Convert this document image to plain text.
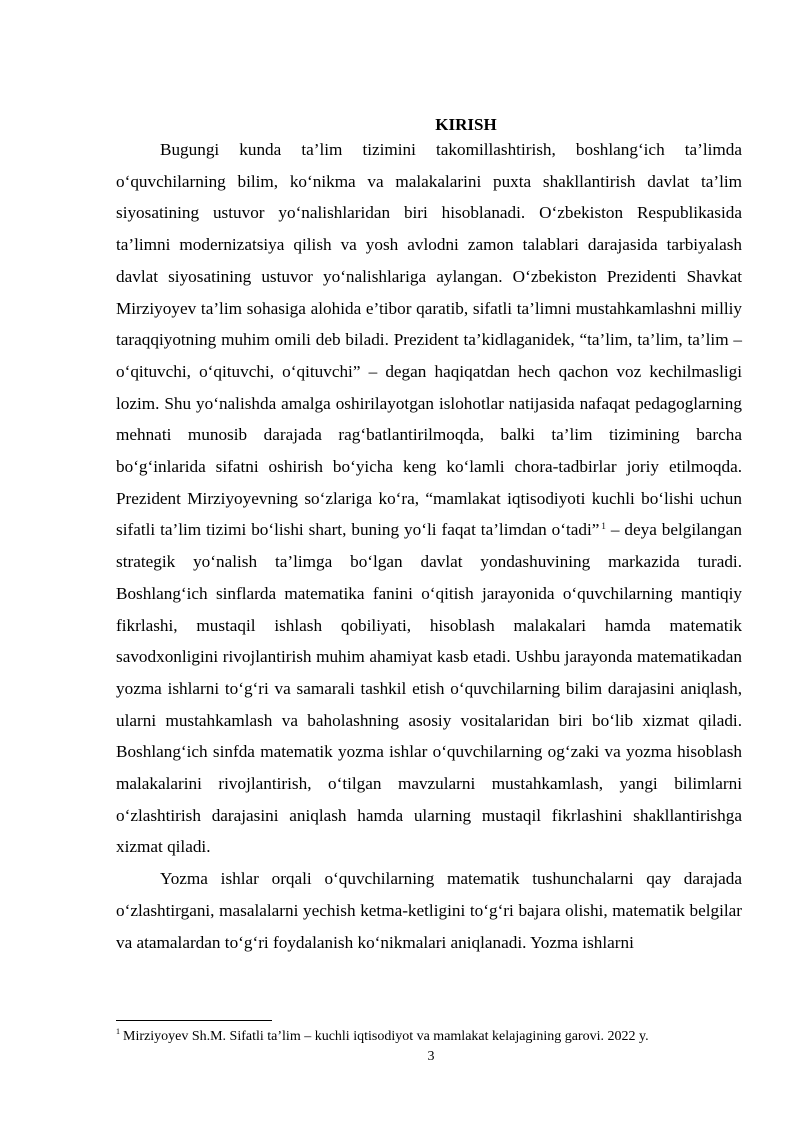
KIRISH

Bugungi kunda ta’lim tizimini takomillashtirish, boshlang‘ich ta’limda o‘quvchilarning bilim, ko‘nikma va malakalarini puxta shakllantirish davlat ta’lim siyosatining ustuvor yo‘nalishlaridan biri hisoblanadi. O‘zbekiston Respublikasida ta’limni modernizatsiya qilish va yosh avlodni zamon talablari darajasida tarbiyalash davlat siyosatining ustuvor yo‘nalishlariga aylangan. O‘zbekiston Prezidenti Shavkat Mirziyoyev ta’lim sohasiga alohida e’tibor qaratib, sifatli ta’limni mustahkamlashni milliy taraqqiyotning muhim omili deb biladi. Prezident ta’kidlaganidek, “ta’lim, ta’lim, ta’lim – o‘qituvchi, o‘qituvchi, o‘qituvchi” – degan haqiqatdan hech qachon voz kechilmasligi lozim. Shu yo‘nalishda amalga oshirilayotgan islohotlar natijasida nafaqat pedagoglarning mehnati munosib darajada rag‘batlantirilmoqda, balki ta’lim tizimining barcha bo‘g‘inlarida sifatni oshirish bo‘yicha keng ko‘lamli chora-tadbirlar joriy etilmoqda. Prezident Mirziyoyevning so‘zlariga ko‘ra, “mamlakat iqtisodiyoti kuchli bo‘lishi uchun sifatli ta’lim tizimi bo‘lishi shart, buning yo‘li faqat ta’limdan o‘tadi” $^1$ – deya belgilangan strategik yo‘nalish ta’limga bo‘lgan davlat yondashuvining markazida turadi. Boshlang‘ich sinflarda matematika fanini o‘qitish jarayonida o‘quvchilarning mantiqiy fikrlashi, mustaqil ishlash qobiliyati, hisoblash malakalari hamda matematik savodxonligini rivojlantirish muhim ahamiyat kasb etadi. Ushbu jarayonda matematikadan yozma ishlarni to‘g‘ri va samarali tashkil etish o‘quvchilarning bilim darajasini aniqlash, ularni mustahkamlash va baholashning asosiy vositalaridan biri bo‘lib xizmat qiladi. Boshlang‘ich sinfda matematik yozma ishlar o‘quvchilarning og‘zaki va yozma hisoblash malakalarini rivojlantirish, o‘tilgan mavzularni mustahkamlash, yangi bilimlarni o‘zlashtirish darajasini aniqlash hamda ularning mustaqil fikrlashini shakllantirishga xizmat qiladi.

Yozma ishlar orqali o‘quvchilarning matematik tushunchalarni qay darajada o‘zlashtirgani, masalalarni yechish ketma-ketligini to‘g‘ri bajara olishi, matematik belgilar va atamalardan to‘g‘ri foydalanish ko‘nikmalari aniqlanadi. Yozma ishlarni

$^1$ Mirziyoyev Sh.M. Sifatli ta’lim – kuchli iqtisodiyot va mamlakat kelajagining garovi. 2022 y.
3
